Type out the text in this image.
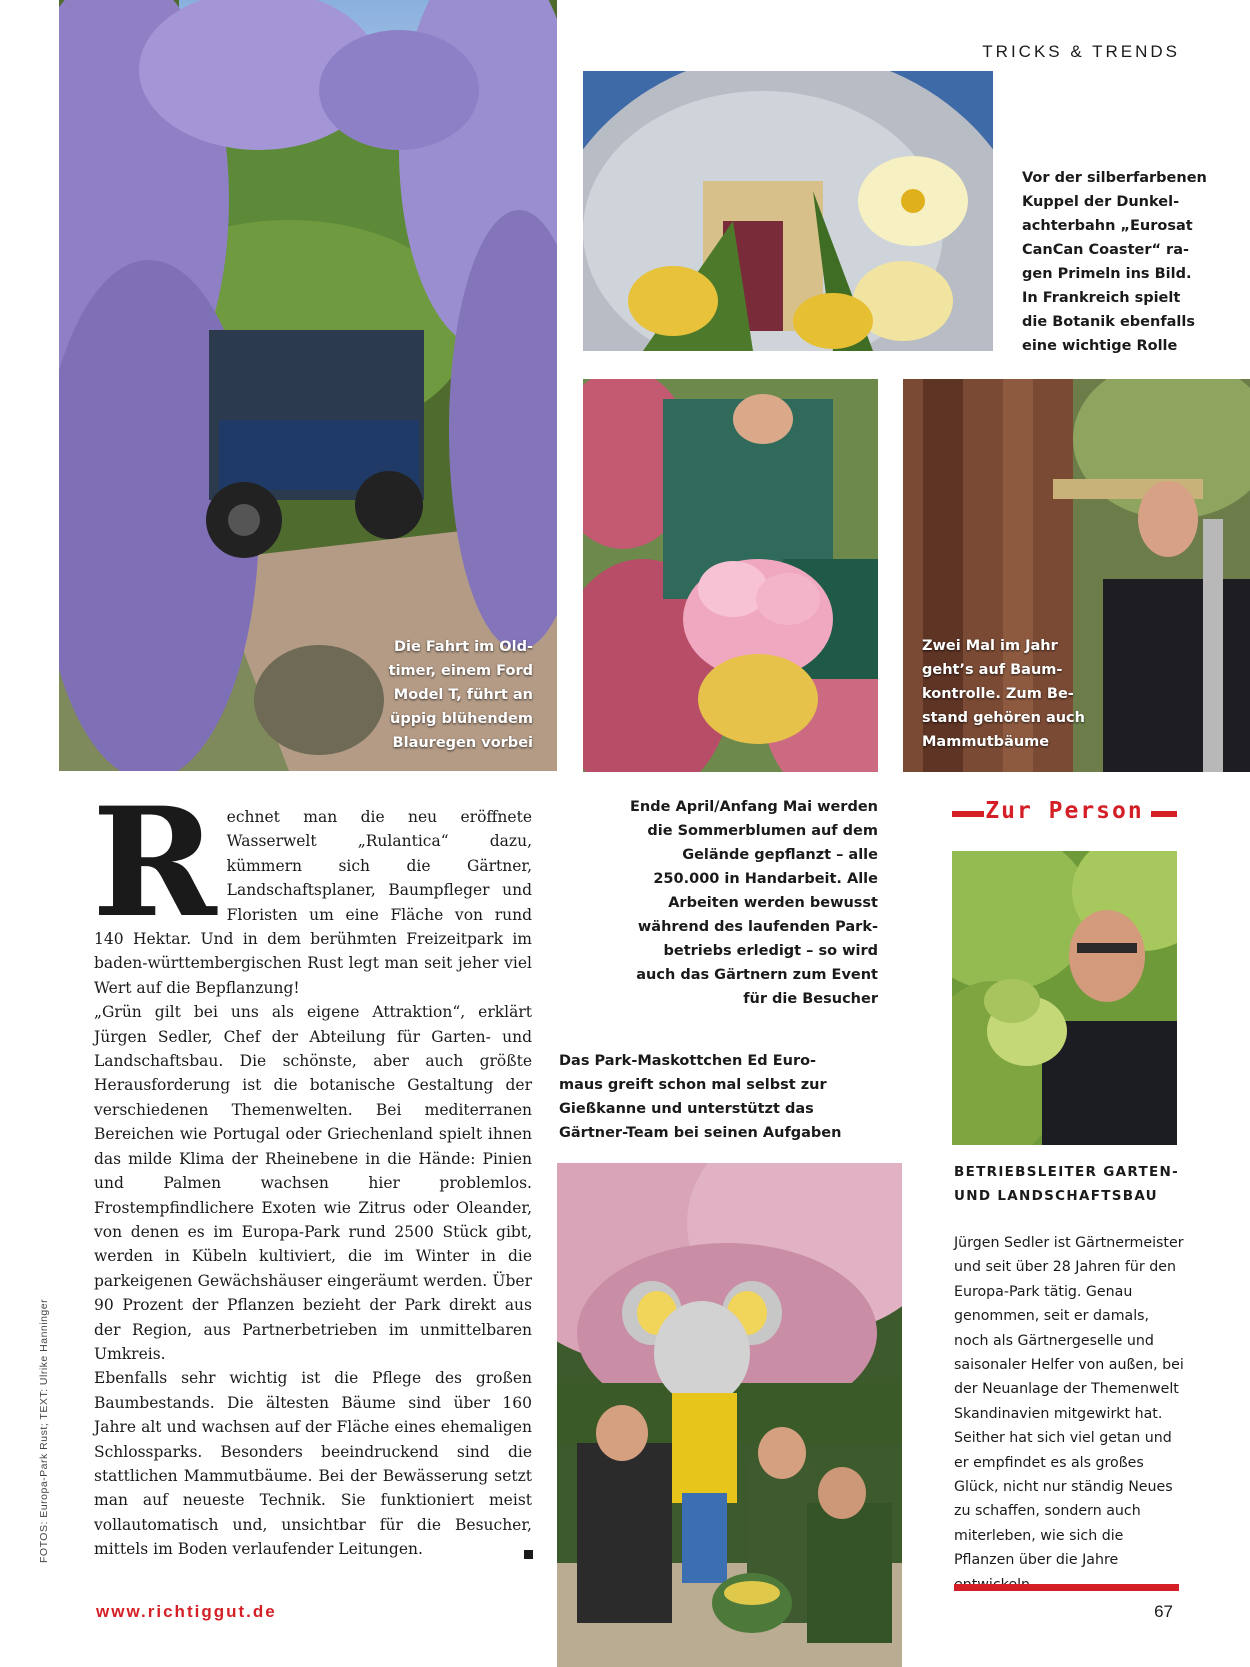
TRICKS & TRENDS
Die Fahrt im Old-
timer, einem Ford
Model T, führt an
üppig blühendem
Blauregen vorbei
Vor der silberfarbenen
Kuppel der Dunkel-
achterbahn „Eurosat
CanCan Coaster“ ra-
gen Primeln ins Bild.
In Frankreich spielt
die Botanik ebenfalls
eine wichtige Rolle
Zwei Mal im Jahr
geht’s auf Baum-
kontrolle. Zum Be-
stand gehören auch
Mammutbäume
Ende April/Anfang Mai werden
die Sommerblumen auf dem
Gelände gepflanzt – alle
250.000 in Handarbeit. Alle
Arbeiten werden bewusst
während des laufenden Park-
betriebs erledigt – so wird
auch das Gärtnern zum Event
für die Besucher
Das Park-Maskottchen Ed Euro-
maus greift schon mal selbst zur
Gießkanne und unterstützt das
Gärtner-Team bei seinen Aufgaben
R echnet man die neu eröffnete Wasserwelt „Rulantica“ dazu, kümmern sich die Gärtner, Landschaftsplaner, Baumpfleger und Floristen um eine Fläche von rund 140 Hektar. Und in dem berühmten Freizeitpark im baden-württembergischen Rust legt man seit jeher viel Wert auf die Bepflanzung!

„Grün gilt bei uns als eigene Attraktion“, erklärt Jürgen Sedler, Chef der Abteilung für Garten- und Landschaftsbau. Die schönste, aber auch größte Herausforderung ist die botanische Gestaltung der verschiedenen Themenwelten. Bei mediterranen Bereichen wie Portugal oder Griechenland spielt ihnen das milde Klima der Rheinebene in die Hände: Pinien und Palmen wachsen hier problemlos. Frostempfindlichere Exoten wie Zitrus oder Oleander, von denen es im Europa-Park rund 2500 Stück gibt, werden in Kübeln kultiviert, die im Winter in die parkeigenen Gewächshäuser eingeräumt werden. Über 90 Prozent der Pflanzen bezieht der Park direkt aus der Region, aus Partnerbetrieben im unmittelbaren Umkreis.

Ebenfalls sehr wichtig ist die Pflege des großen Baumbestands. Die ältesten Bäume sind über 160 Jahre alt und wachsen auf der Fläche eines ehemaligen Schlossparks. Besonders beeindruckend sind die stattlichen Mammutbäume. Bei der Bewässerung setzt man auf neueste Technik. Sie funktioniert meist vollautomatisch und, unsichtbar für die Besucher, mittels im Boden verlaufender Leitungen.

FOTOS: Europa-Park Rust; TEXT: Ulrike Hanninger
Zur Person
BETRIEBSLEITER GARTEN-
UND LANDSCHAFTSBAU
Jürgen Sedler ist Gärtnermeister und seit über 28 Jahren für den Europa-Park tätig. Genau genommen, seit er damals, noch als Gärtnergeselle und saisonaler Helfer von außen, bei der Neuanlage der Themenwelt Skandinavien mitgewirkt hat. Seither hat sich viel getan und er empfindet es als großes Glück, nicht nur ständig Neues zu schaffen, sondern auch miterleben, wie sich die Pflanzen über die Jahre
www.richtiggut.de	67
